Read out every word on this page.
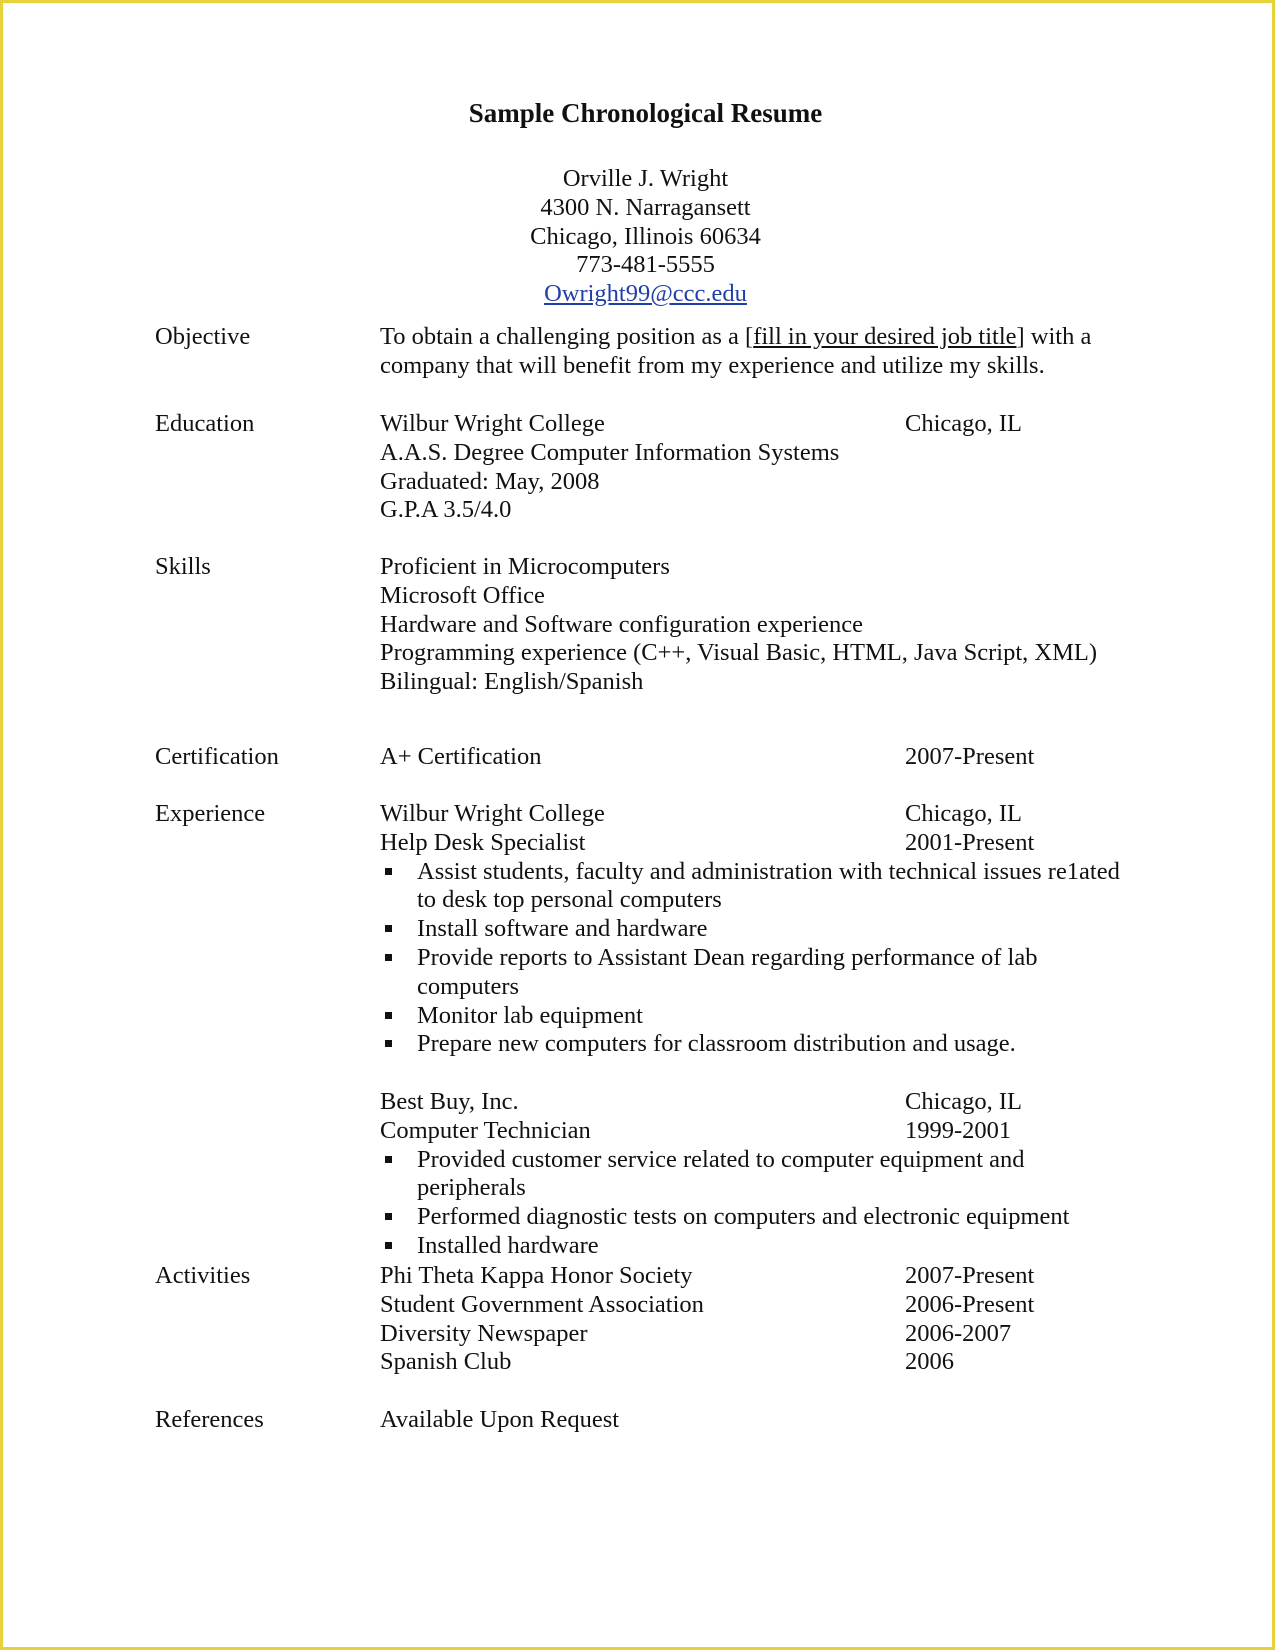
Sample Chronological Resume
Orville J. Wright
4300 N. Narragansett
Chicago, Illinois 60634
773-481-5555
Owright99@ccc.edu
Objective	To obtain a challenging position as a [fill in your desired job title] with a
company that will benefit from my experience and utilize my skills.
Education	Wilbur Wright College	Chicago, IL
A.A.S. Degree Computer Information Systems
Graduated: May, 2008
G.P.A 3.5/4.0
Skills	Proficient in Microcomputers
Microsoft Office
Hardware and Software configuration experience
Programming experience (C++, Visual Basic, HTML, Java Script, XML)
Bilingual: English/Spanish
Certification	A+ Certification	2007-Present
Experience	Wilbur Wright College	Chicago, IL
Help Desk Specialist	2001-Present
Assist students, faculty and administration with technical issues re1ated to desk top personal computers
Install software and hardware
Provide reports to Assistant Dean regarding performance of lab computers
Monitor lab equipment
Prepare new computers for classroom distribution and usage.
Best Buy, Inc.	Chicago, IL
Computer Technician	1999-2001
Provided customer service related to computer equipment and peripherals
Performed diagnostic tests on computers and electronic equipment
Installed hardware
Activities	Phi Theta Kappa Honor Society	2007-Present
Student Government Association	2006-Present
Diversity Newspaper	2006-2007
Spanish Club	2006
References	Available Upon Request
